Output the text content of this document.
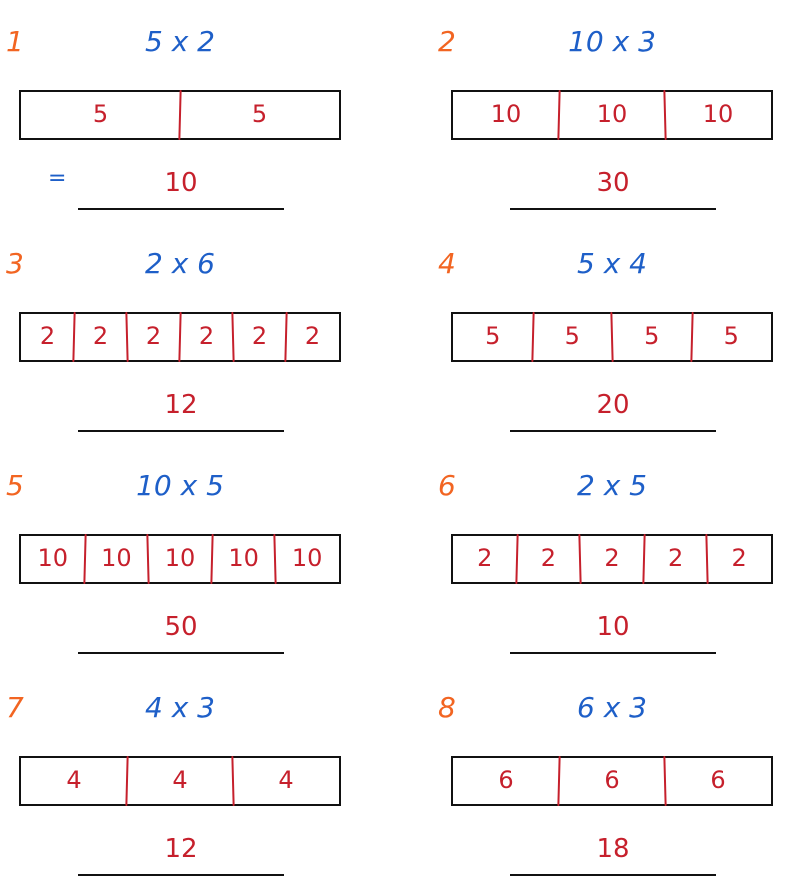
1	5 x 2
5	5
=	10
2	10 x 3
10	10	10
30
3	2 x 6
2	2	2	2	2	2
12
4	5 x 4
5	5	5	5
20
5	10 x 5
10	10	10	10	10
50
6	2 x 5
2	2	2	2	2
10
7	4 x 3
4	4	4
12
8	6 x 3
6	6	6
18
